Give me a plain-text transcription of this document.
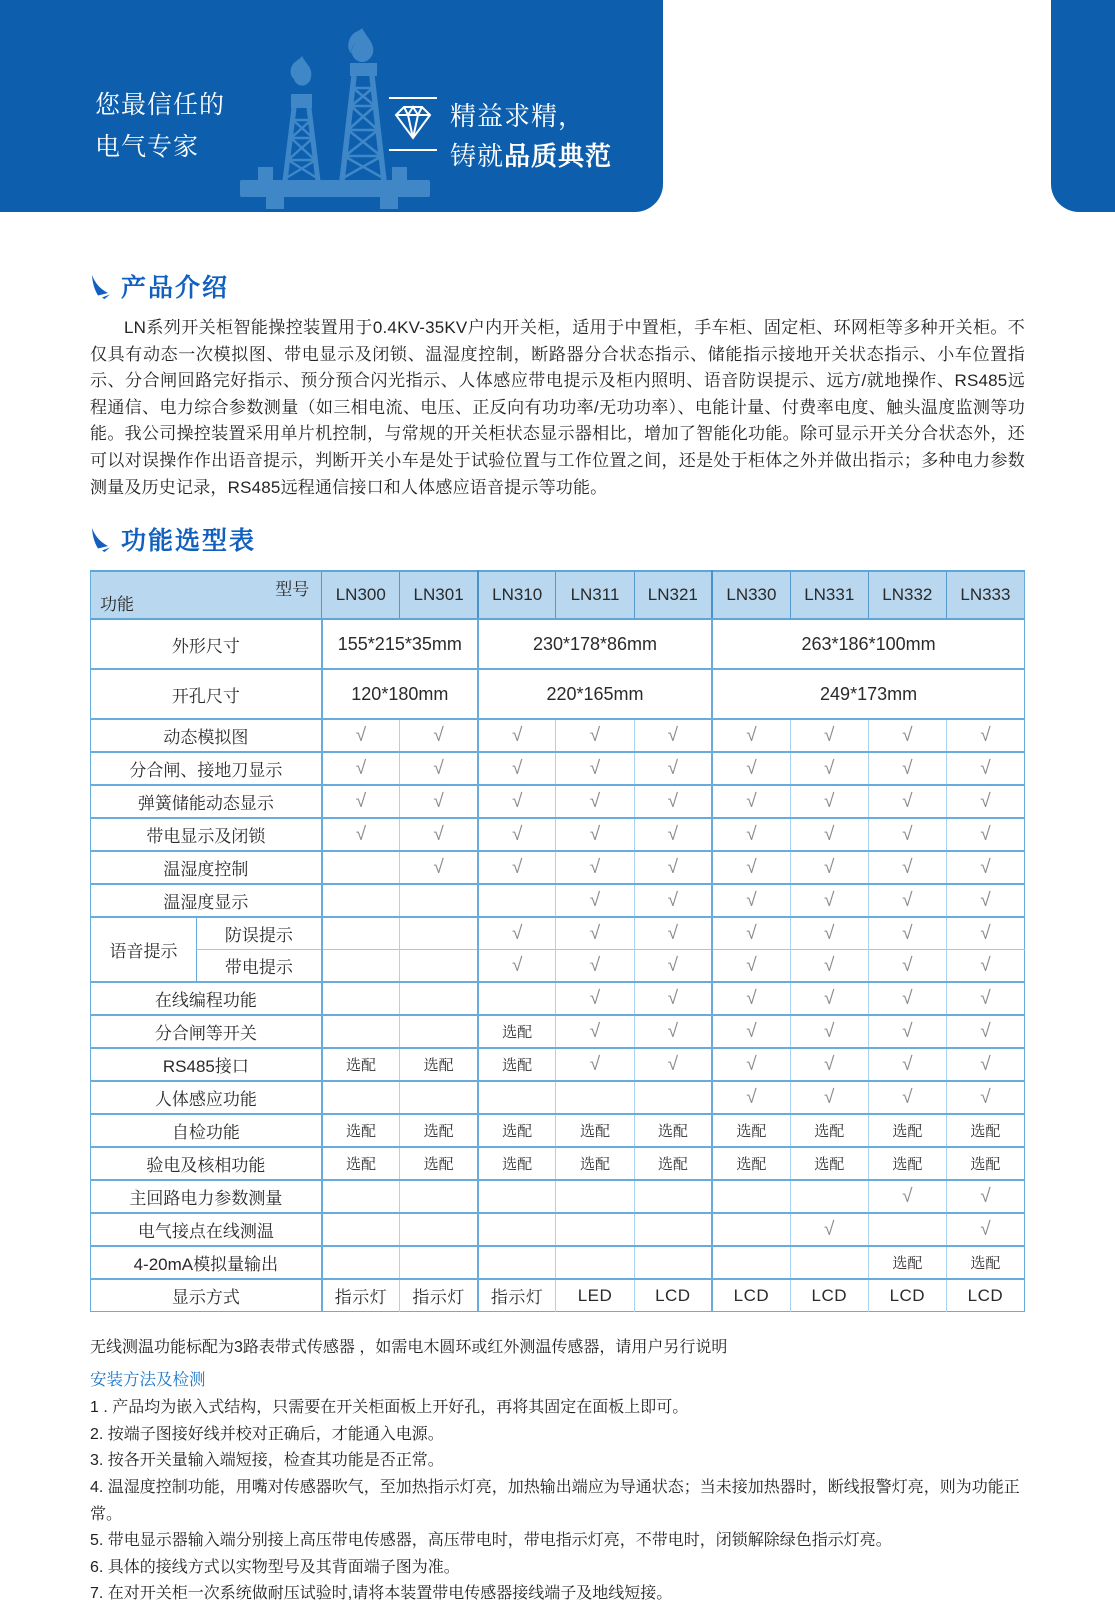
您最信任的
电气专家
精益求精，
铸就品质典范
产品介绍
LN系列开关柜智能操控装置用于0.4KV-35KV户内开关柜，适用于中置柜，手车柜、固定柜、环网柜等多种开关柜。不仅具有动态一次模拟图、带电显示及闭锁、温湿度控制，断路器分合状态指示、储能指示接地开关状态指示、小车位置指示、分合闸回路完好指示、预分预合闪光指示、人体感应带电提示及柜内照明、语音防误提示、远方/就地操作、RS485远程通信、电力综合参数测量（如三相电流、电压、正反向有功功率/无功功率）、电能计量、付费率电度、触头温度监测等功能。我公司操控装置采用单片机控制，与常规的开关柜状态显示器相比，增加了智能化功能。除可显示开关分合状态外，还可以对误操作作出语音提示，判断开关小车是处于试验位置与工作位置之间，还是处于柜体之外并做出指示；多种电力参数测量及历史记录，RS485远程通信接口和人体感应语音提示等功能。
功能选型表
型号
功能		LN300	LN301	LN310	LN311	LN321	LN330	LN331	LN332	LN333
外形尺寸		155*215*35mm		230*178*86mm			263*186*100mm			
开孔尺寸		120*180mm		220*165mm			249*173mm			
动态模拟图		√	√	√	√	√	√	√	√	√
分合闸、接地刀显示		√	√	√	√	√	√	√	√	√
弹簧储能动态显示		√	√	√	√	√	√	√	√	√
带电显示及闭锁		√	√	√	√	√	√	√	√	√
温湿度控制			√	√	√	√	√	√	√	√
温湿度显示					√	√	√	√	√	√
语音提示	防误提示			√	√	√	√	√	√	√
	带电提示			√	√	√	√	√	√	√
在线编程功能					√	√	√	√	√	√
分合闸等开关				选配	√	√	√	√	√	√
RS485接口		选配	选配	选配	√	√	√	√	√	√
人体感应功能							√	√	√	√
自检功能		选配	选配	选配	选配	选配	选配	选配	选配	选配
验电及核相功能		选配	选配	选配	选配	选配	选配	选配	选配	选配
主回路电力参数测量									√	√
电气接点在线测温								√		√
4-20mA模拟量输出									选配	选配
显示方式		指示灯	指示灯	指示灯	LED	LCD	LCD	LCD	LCD	LCD
无线测温功能标配为3路表带式传感器 ，如需电木圆环或红外测温传感器，请用户另行说明
安装方法及检测
1 . 产品均为嵌入式结构，只需要在开关柜面板上开好孔，再将其固定在面板上即可。
2. 按端子图接好线并校对正确后，才能通入电源。
3. 按各开关量输入端短接，检查其功能是否正常。
4. 温湿度控制功能，用嘴对传感器吹气，至加热指示灯亮，加热输出端应为导通状态；当未接加热器时，断线报警灯亮，则为功能正常。
5. 带电显示器输入端分别接上高压带电传感器，高压带电时，带电指示灯亮，不带电时，闭锁解除绿色指示灯亮。
6. 具体的接线方式以实物型号及其背面端子图为准。
7. 在对开关柜一次系统做耐压试验时,请将本装置带电传感器接线端子及地线短接。
